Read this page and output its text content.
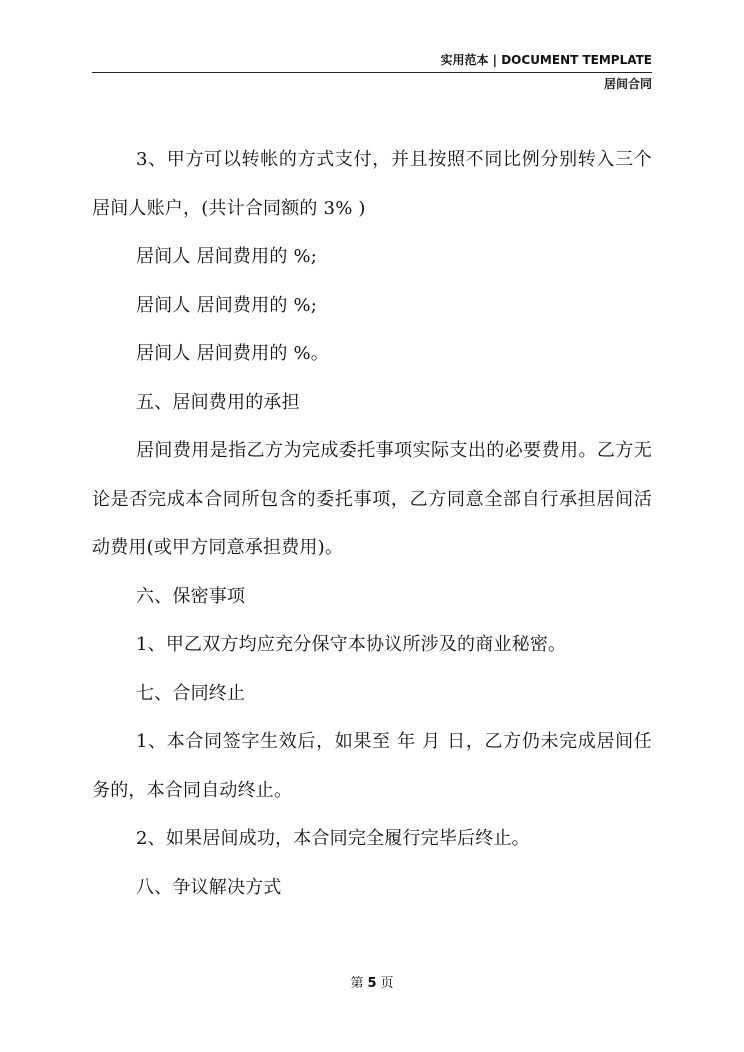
实用范本 | DOCUMENT TEMPLATE
居间合同

3、甲方可以转帐的方式支付，并且按照不同比例分别转入三个居间人账户，(共计合同额的 3% )

居间人 居间费用的 %;

居间人 居间费用的 %;

居间人 居间费用的 %。

五、居间费用的承担

居间费用是指乙方为完成委托事项实际支出的必要费用。乙方无论是否完成本合同所包含的委托事项，乙方同意全部自行承担居间活动费用(或甲方同意承担费用)。

六、保密事项

1、甲乙双方均应充分保守本协议所涉及的商业秘密。

七、合同终止

1、本合同签字生效后，如果至 年 月 日，乙方仍未完成居间任务的，本合同自动终止。

2、如果居间成功，本合同完全履行完毕后终止。

八、争议解决方式

第 5 页
